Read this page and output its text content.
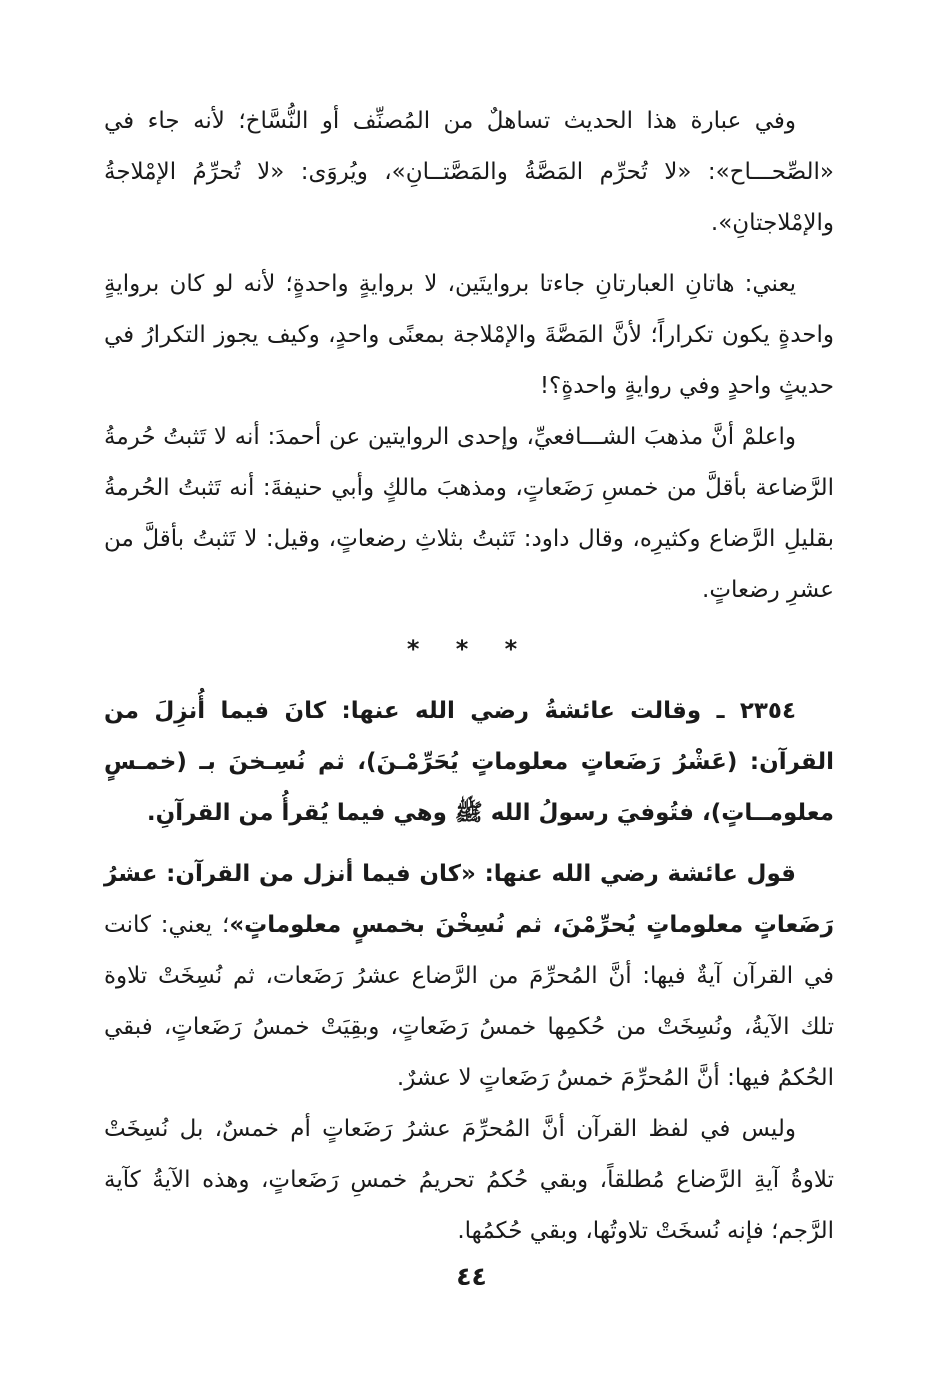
وفي عبارة هذا الحديث تساهلٌ من المُصنِّف أو النُّسَّاخ؛ لأنه جاء في «الصِّحـــاح»: «لا تُحرِّم المَصَّةُ والمَصَّتــانِ»، ويُروَى: «لا تُحرِّمُ الإمْلاجةُ والإمْلاجتانِ».

يعني: هاتانِ العبارتانِ جاءتا بروايتَين، لا بروايةٍ واحدةٍ؛ لأنه لو كان بروايةٍ واحدةٍ يكون تكراراً؛ لأنَّ المَصَّةَ والإمْلاجة بمعنًى واحدٍ، وكيف يجوز التكرارُ في حديثٍ واحدٍ وفي روايةٍ واحدةٍ؟!

واعلمْ أنَّ مذهبَ الشـــافعيِّ، وإحدى الروايتين عن أحمدَ: أنه لا تَثبتُ حُرمةُ الرَّضاعة بأقلَّ من خمسِ رَضَعاتٍ، ومذهبَ مالكٍ وأبي حنيفةَ: أنه تَثبتُ الحُرمةُ بقليلِ الرَّضاع وكثيرِه، وقال داود: تَثبتُ بثلاثِ رضعاتٍ، وقيل: لا تَثبتُ بأقلَّ من عشرِ رضعاتٍ.

* * *

٢٣٥٤ ـ وقالت عائشةُ رضي الله عنها: كانَ فيما أُنزِلَ من القرآن: (عَشْرُ رَضَعاتٍ معلوماتٍ يُحَرِّمْـنَ)، ثم نُسِـخنَ بـ (خمـسٍ معلومــاتٍ)، فتُوفيَ رسولُ الله ﷺ وهي فيما يُقرأُ من القرآنِ.

قول عائشة رضي الله عنها: «كان فيما أنزل من القرآن: عشرُ رَضَعاتٍ معلوماتٍ يُحرِّمْنَ، ثم نُسِخْنَ بخمسٍ معلوماتٍ»؛ يعني: كانت في القرآن آيةٌ فيها: أنَّ المُحرِّمَ من الرَّضاع عشرُ رَضَعات، ثم نُسِخَتْ تلاوة تلك الآيةُ، ونُسِخَتْ من حُكمِها خمسُ رَضَعاتٍ، وبقِيَتْ خمسُ رَضَعاتٍ، فبقي الحُكمُ فيها: أنَّ المُحرِّمَ خمسُ رَضَعاتٍ لا عشرٌ.

وليس في لفظ القرآن أنَّ المُحرِّمَ عشرُ رَضَعاتٍ أم خمسٌ، بل نُسِخَتْ تلاوةُ آيةِ الرَّضاع مُطلقاً، وبقي حُكمُ تحريمُ خمسِ رَضَعاتٍ، وهذه الآيةُ كآية الرَّجم؛ فإنه نُسخَتْ تلاوتُها، وبقي حُكمُها.

٤٤
